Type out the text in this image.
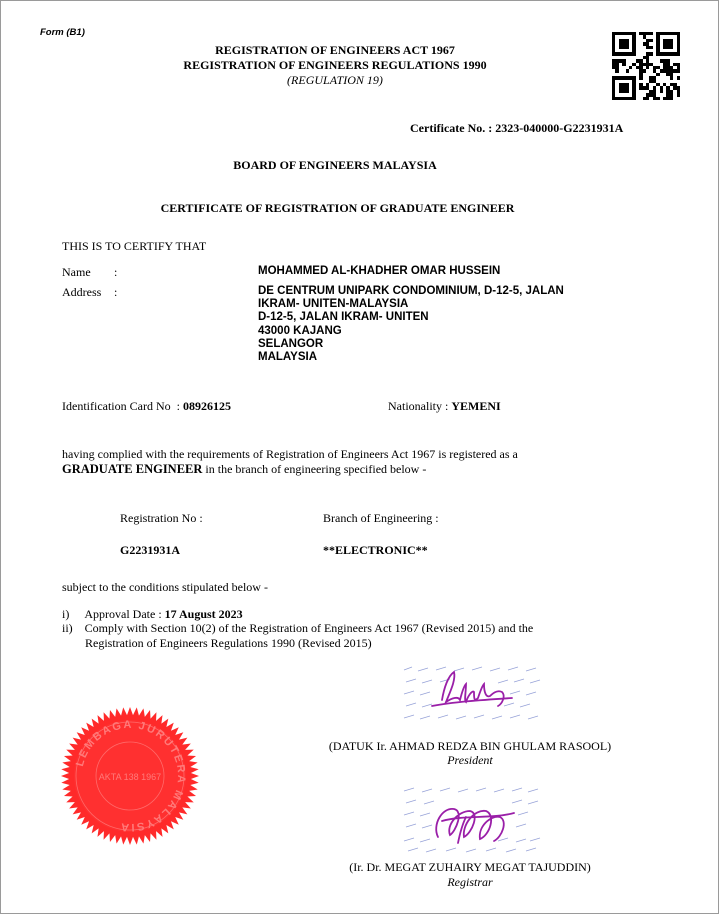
Form (B1)
REGISTRATION OF ENGINEERS ACT 1967
REGISTRATION OF ENGINEERS REGULATIONS 1990
(REGULATION 19)
Certificate No. : 2323-040000-G2231931A
BOARD OF ENGINEERS MALAYSIA
CERTIFICATE OF REGISTRATION OF GRADUATE ENGINEER
THIS IS TO CERTIFY THAT
Name :	MOHAMMED AL-KHADHER OMAR HUSSEIN
Address :	DE CENTRUM UNIPARK CONDOMINIUM, D-12-5, JALAN
IKRAM- UNITEN-MALAYSIA
D-12-5, JALAN IKRAM- UNITEN
43000 KAJANG
SELANGOR
MALAYSIA
Identification Card No : 08926125	Nationality : YEMENI
having complied with the requirements of Registration of Engineers Act 1967 is registered as a
GRADUATE ENGINEER in the branch of engineering specified below -
Registration No :	Branch of Engineering :
G2231931A	**ELECTRONIC**
subject to the conditions stipulated below -
i) Approval Date : 17 August 2023
ii) Comply with Section 10(2) of the Registration of Engineers Act 1967 (Revised 2015) and the
Registration of Engineers Regulations 1990 (Revised 2015)
(DATUK Ir. AHMAD REDZA BIN GHULAM RASOOL)
President
(Ir. Dr. MEGAT ZUHAIRY MEGAT TAJUDDIN)
Registrar
LEMBAGA JURUTERA MALAYSIA
AKTA 138 1967
